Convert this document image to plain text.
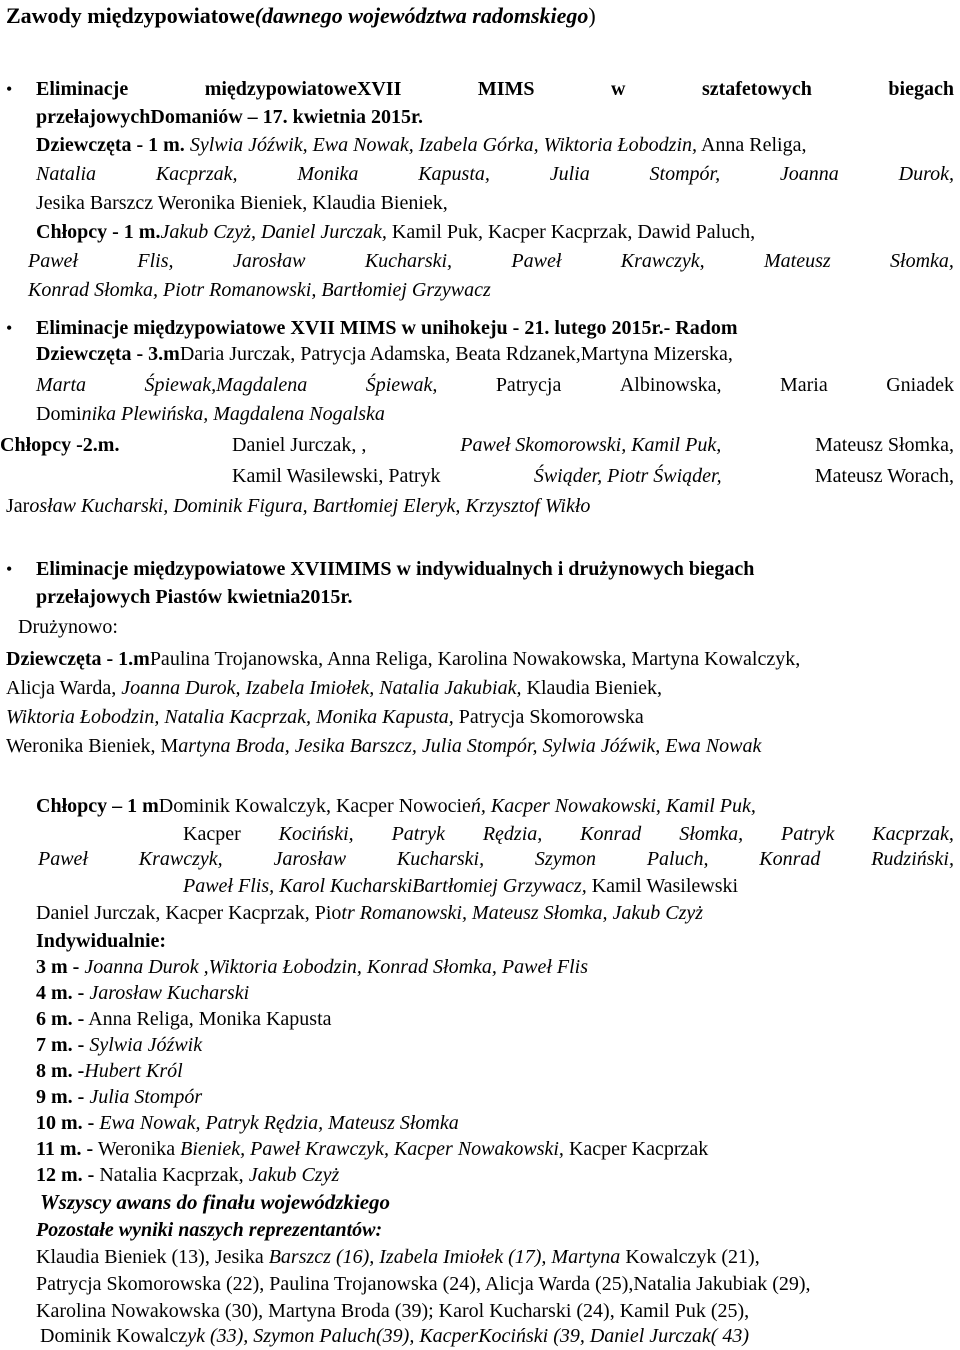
Zawody międzypowiatowe(dawnego województwa radomskiego)
• Eliminacje	międzypowiatoweXVII	MIMS	w	sztafetowych	biegach
przełajowychDomaniów – 17. kwietnia 2015r.
Dziewczęta - 1 m. Sylwia Jóźwik, Ewa Nowak, Izabela Górka, Wiktoria Łobodzin, Anna Religa,
Natalia	Kacprzak,	Monika	Kapusta,	Julia	Stompór,	Joanna	Durok,
Jesika Barszcz Weronika Bieniek, Klaudia Bieniek,
Chłopcy - 1 m.Jakub Czyż, Daniel Jurczak, Kamil Puk, Kacper Kacprzak, Dawid Paluch,
Paweł	Flis,	Jarosław	Kucharski,	Paweł	Krawczyk,	Mateusz	Słomka,
Konrad Słomka, Piotr Romanowski, Bartłomiej Grzywacz
• Eliminacje międzypowiatowe XVII MIMS w unihokeju - 21. lutego 2015r.- Radom
Dziewczęta - 3.mDaria Jurczak, Patrycja Adamska, Beata Rdzanek,Martyna Mizerska,
Marta	Śpiewak,Magdalena	Śpiewak,	Patrycja	Albinowska,	Maria	Gniadek
Dominika Plewińska, Magdalena Nogalska
Chłopcy -2.m.	Daniel Jurczak, ,	Paweł Skomorowski, Kamil Puk,	Mateusz Słomka,
Kamil Wasilewski, Patryk	Świąder, Piotr Świąder,	Mateusz Worach,
Jarosław Kucharski, Dominik Figura, Bartłomiej Eleryk, Krzysztof Wikło
• Eliminacje międzypowiatowe XVIIMIMS w indywidualnych i drużynowych biegach
przełajowych Piastów kwietnia2015r.
Drużynowo:
Dziewczęta - 1.mPaulina Trojanowska, Anna Religa, Karolina Nowakowska, Martyna Kowalczyk,
Alicja Warda, Joanna Durok, Izabela Imiołek, Natalia Jakubiak, Klaudia Bieniek,
Wiktoria Łobodzin, Natalia Kacprzak, Monika Kapusta, Patrycja Skomorowska
Weronika Bieniek, Martyna Broda, Jesika Barszcz, Julia Stompór, Sylwia Jóźwik, Ewa Nowak
Chłopcy – 1 mDominik Kowalczyk, Kacper Nowocień, Kacper Nowakowski, Kamil Puk,
Kacper Kociński, Patryk Rędzia, Konrad Słomka, Patryk Kacprzak,
Paweł	Krawczyk,	Jarosław	Kucharski,	Szymon	Paluch,	Konrad	Rudziński,
Paweł Flis, Karol KucharskiBartłomiej Grzywacz, Kamil Wasilewski
Daniel Jurczak, Kacper Kacprzak, Piotr Romanowski, Mateusz Słomka, Jakub Czyż
Indywidualnie:
3 m - Joanna Durok ,Wiktoria Łobodzin, Konrad Słomka, Paweł Flis
4 m. - Jarosław Kucharski
6 m. - Anna Religa, Monika Kapusta
7 m. - Sylwia Jóźwik
8 m. -Hubert Król
9 m. - Julia Stompór
10 m. - Ewa Nowak, Patryk Rędzia, Mateusz Słomka
11 m. - Weronika Bieniek, Paweł Krawczyk, Kacper Nowakowski, Kacper Kacprzak
12 m. - Natalia Kacprzak, Jakub Czyż
Wszyscy awans do finału wojewódzkiego
Pozostałe wyniki naszych reprezentantów:
Klaudia Bieniek (13), Jesika Barszcz (16), Izabela Imiołek (17), Martyna Kowalczyk (21),
Patrycja Skomorowska (22), Paulina Trojanowska (24), Alicja Warda (25),Natalia Jakubiak (29),
Karolina Nowakowska (30), Martyna Broda (39); Karol Kucharski (24), Kamil Puk (25),
Dominik Kowalczyk (33), Szymon Paluch(39), KacperKociński (39, Daniel Jurczak( 43)
